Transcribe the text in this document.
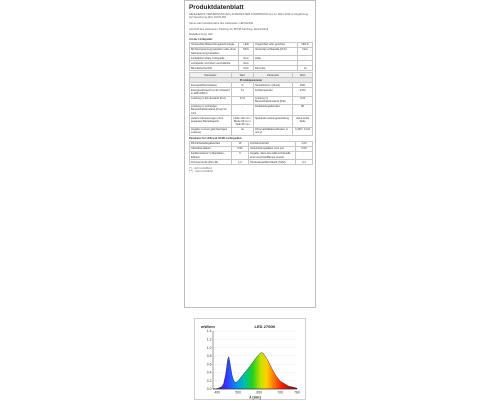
Produktdatenblatt
DELEGIERTE VERORDNUNG (EU) 2019/2015 DER KOMMISSION vom 11. März 2019 zur Ergänzung der Verordnung (EU) 2017/1369
Name oder Handelsmarke des Lieferanten: LEDVANCE
Anschrift des Lieferanten: Parkring 33, 85748 Garching, Deutschland
Modellkennung: 0A0
Art der Lichtquelle:
Verwendete Beleuchtungstechnologie	LED	Ungerichtet oder gerichtet	NDLS
Mit Netzspannung betrieben oder ohne Netzspannung betrieben	MLS	Vernetzte Lichtquelle (CLS)	Nein
Farbabstimmbare Lichtquelle	Nein	Hülle	-
Lichtquelle mit hoher Leuchtdichte	Nein		
Blendschutzschild	Nein	Dimmbar	Ja
Parameter	Wert	Parameter	Wert
Produktparameter			
Energieeffizienzklasse	G	Nutzlichtstrom (Φuse)	1521
Energieverbrauch im Ein-Zustand in kWh/1000 h	13	Farbtemperatur	2700
Leistung im Ein-Zustand (Pon)	12,5	Leistung im Bereitschaftszustand (Psb)	0,00
Leistung im vernetzten Bereitschaftszustand (Pnet) für CLS	-	Farbwiedergabeindex	80
Äußere Abmessungen ohne separates Betriebsgerät	Höhe 120 mm / Breite 66 mm / Tiefe 66 mm	Spektrale Leistungsverteilung	siehe letzte Seite
Angabe zu einer gleichwertigen Leistung	Ja	Chromatizitätskoordinaten (x und y)	0,460 / 0,411
Parameter für LED und OLED-Lichtquellen:
R9-Farbwiedergabeindex	10	Lichtstromerhalt	1,00
Überlebensfaktor	0,90	Verschiebungsfaktor (cos φ1)	0,50
Farbkonsistenz in MacAdam-Ellipsen	6	Angabe, dass eine LED-Lichtquelle eine Leuchtstofflampe ersetzt	-
Flimmermetrik (Pst LM)	1,0	Stroboskopeffekt-Metrik (SVM)	0,4
(*) - nicht zutreffend
(**) - nicht zutreffend
0.0
0.2
0.4
0.6
0.8
1.0
1.2
1.4
400	500	600	700	780
mW/nm
λ [nm]
LED 2700K
